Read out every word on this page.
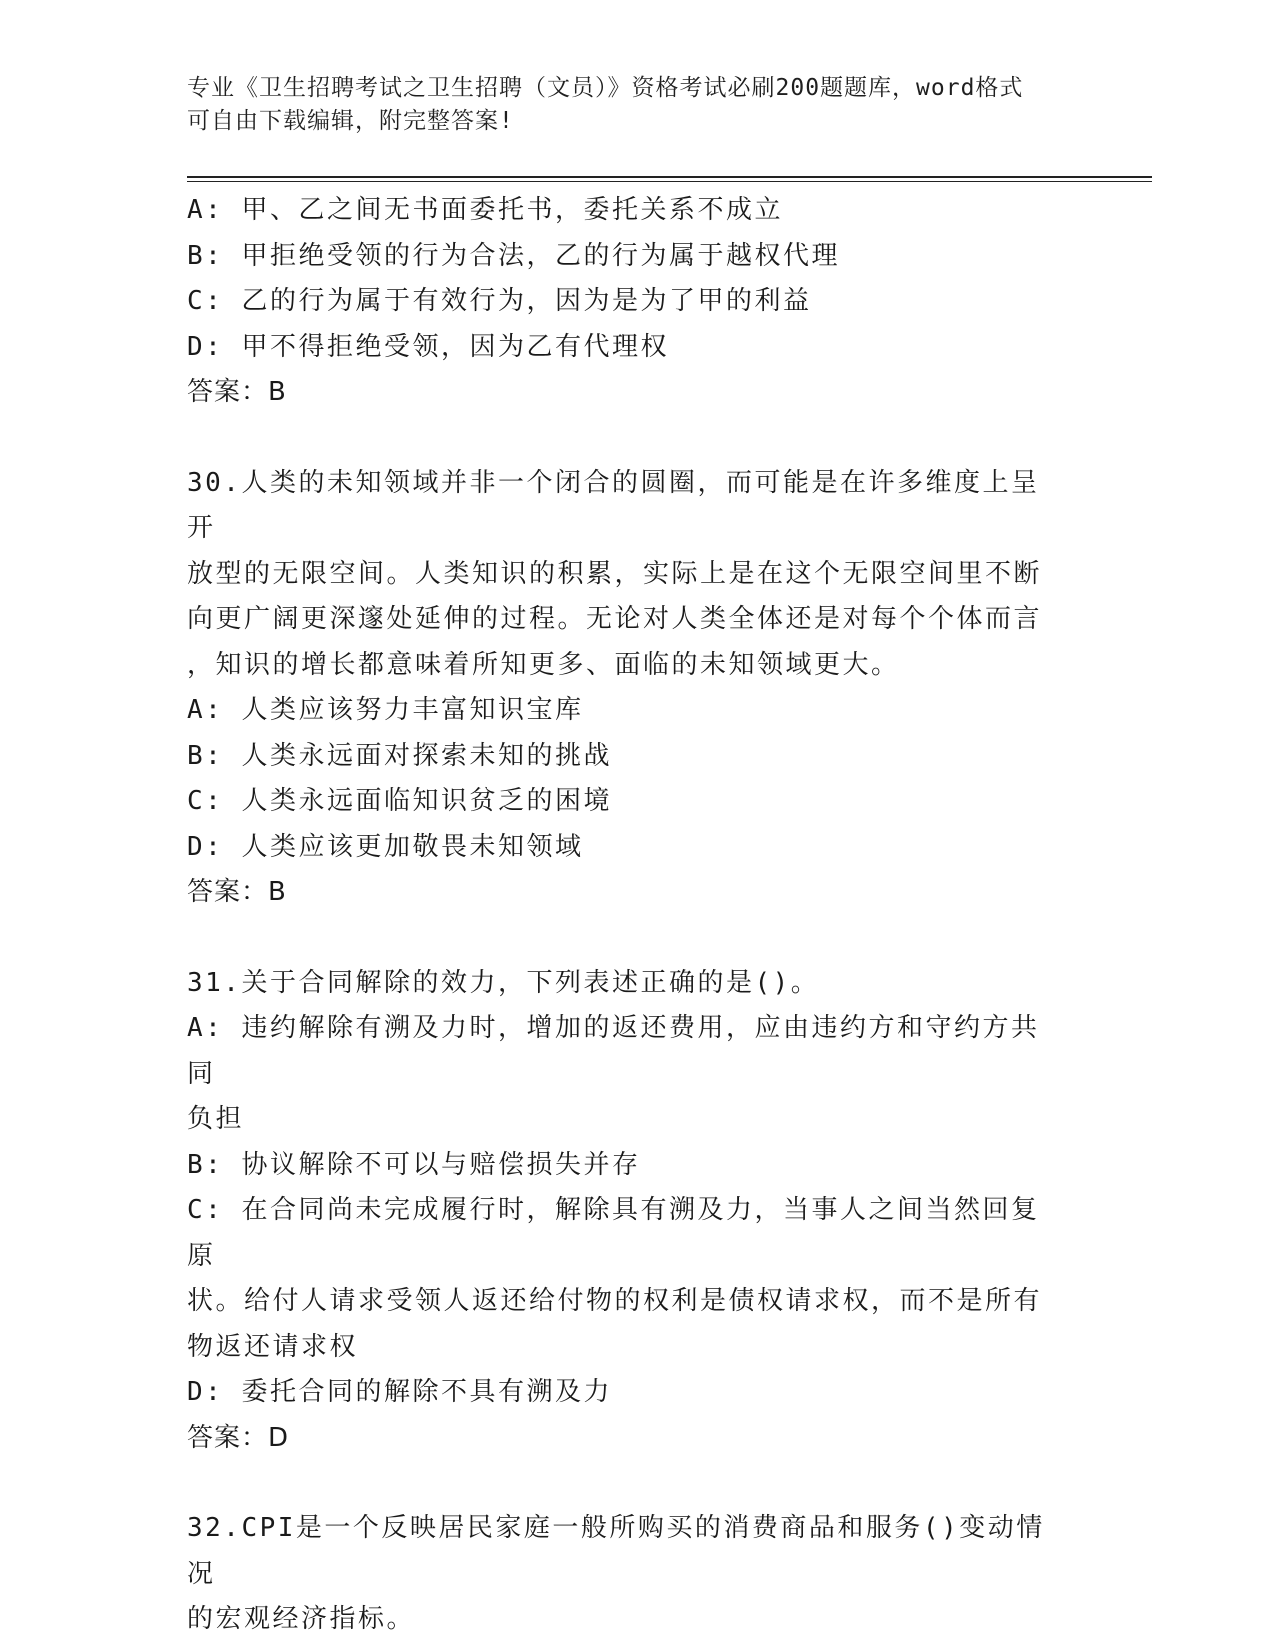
专业《卫生招聘考试之卫生招聘（文员）》资格考试必刷200题题库，word格式
可自由下载编辑，附完整答案!
A: 甲、乙之间无书面委托书，委托关系不成立
B: 甲拒绝受领的行为合法，乙的行为属于越权代理
C: 乙的行为属于有效行为，因为是为了甲的利益
D: 甲不得拒绝受领，因为乙有代理权
答案：B
30.人类的未知领域并非一个闭合的圆圈，而可能是在许多维度上呈开
放型的无限空间。人类知识的积累，实际上是在这个无限空间里不断
向更广阔更深邃处延伸的过程。无论对人类全体还是对每个个体而言
，知识的增长都意味着所知更多、面临的未知领域更大。
A: 人类应该努力丰富知识宝库
B: 人类永远面对探索未知的挑战
C: 人类永远面临知识贫乏的困境
D: 人类应该更加敬畏未知领域
答案：B
31.关于合同解除的效力，下列表述正确的是()。
A: 违约解除有溯及力时，增加的返还费用，应由违约方和守约方共同
负担
B: 协议解除不可以与赔偿损失并存
C: 在合同尚未完成履行时，解除具有溯及力，当事人之间当然回复原
状。给付人请求受领人返还给付物的权利是债权请求权，而不是所有
物返还请求权
D: 委托合同的解除不具有溯及力
答案：D
32.CPI是一个反映居民家庭一般所购买的消费商品和服务()变动情况
的宏观经济指标。
